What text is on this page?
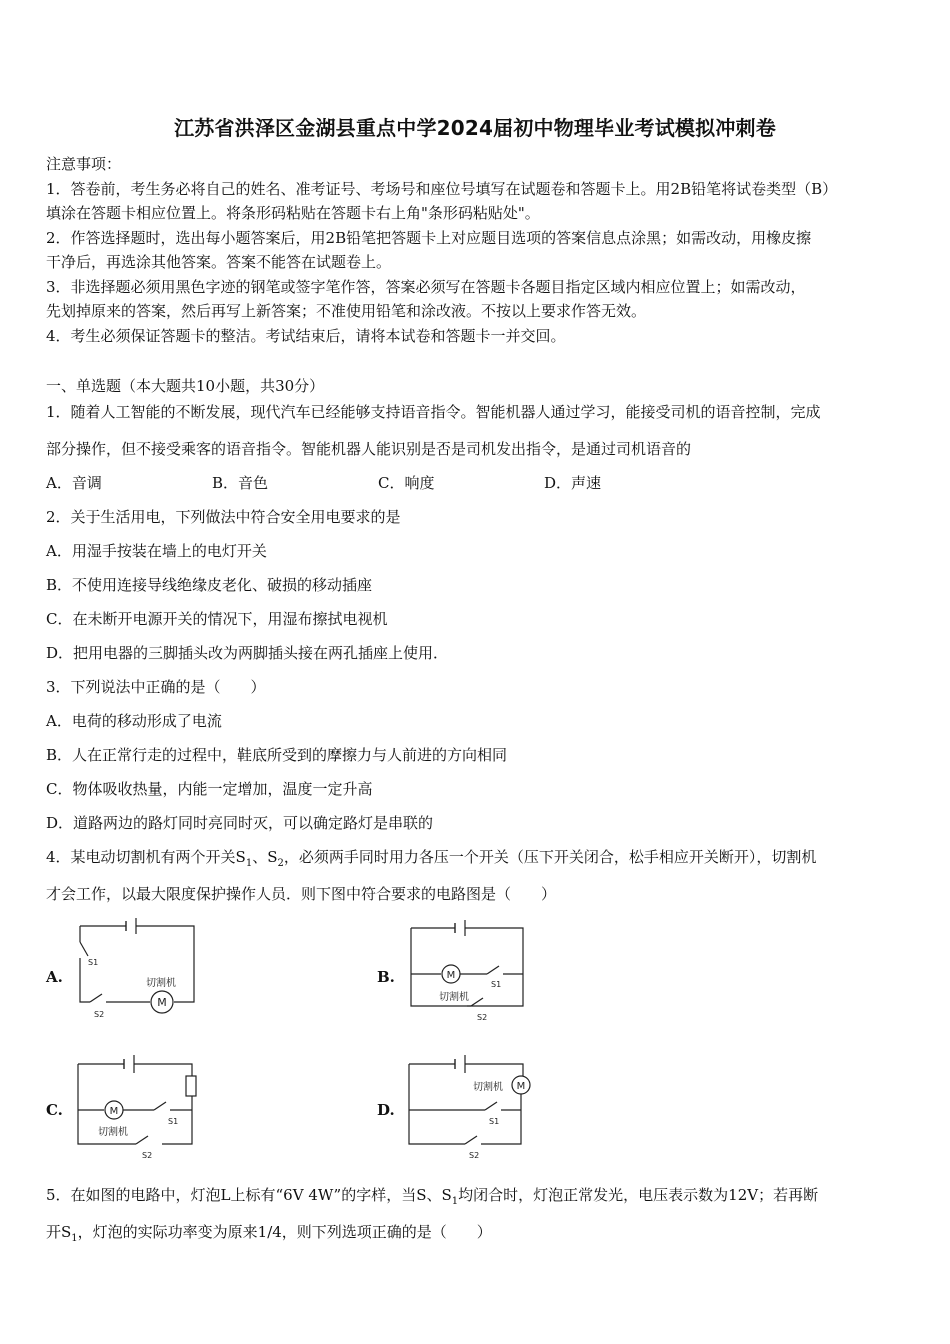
江苏省洪泽区金湖县重点中学2024届初中物理毕业考试模拟冲刺卷
注意事项：
1．答卷前，考生务必将自己的姓名、准考证号、考场号和座位号填写在试题卷和答题卡上。用2B铅笔将试卷类型（B）
填涂在答题卡相应位置上。将条形码粘贴在答题卡右上角"条形码粘贴处"。
2．作答选择题时，选出每小题答案后，用2B铅笔把答题卡上对应题目选项的答案信息点涂黑；如需改动，用橡皮擦
干净后，再选涂其他答案。答案不能答在试题卷上。
3．非选择题必须用黑色字迹的钢笔或签字笔作答，答案必须写在答题卡各题目指定区域内相应位置上；如需改动，
先划掉原来的答案，然后再写上新答案；不准使用铅笔和涂改液。不按以上要求作答无效。
4．考生必须保证答题卡的整洁。考试结束后，请将本试卷和答题卡一并交回。
一、单选题（本大题共10小题，共30分）
1．随着人工智能的不断发展，现代汽车已经能够支持语音指令。智能机器人通过学习，能接受司机的语音控制，完成
部分操作，但不接受乘客的语音指令。智能机器人能识别是否是司机发出指令，是通过司机语音的
A．音调	B．音色	C．响度	D．声速
2．关于生活用电，下列做法中符合安全用电要求的是
A．用湿手按装在墙上的电灯开关
B．不使用连接导线绝缘皮老化、破损的移动插座
C．在未断开电源开关的情况下，用湿布擦拭电视机
D．把用电器的三脚插头改为两脚插头接在两孔插座上使用．
3．下列说法中正确的是（　　）
A．电荷的移动形成了电流
B．人在正常行走的过程中，鞋底所受到的摩擦力与人前进的方向相同
C．物体吸收热量，内能一定增加，温度一定升高
D．道路两边的路灯同时亮同时灭，可以确定路灯是串联的
4．某电动切割机有两个开关$S_1$、$S_2$，必须两手同时用力各压一个开关（压下开关闭合，松手相应开关断开），切割机
才会工作，以最大限度保护操作人员．则下图中符合要求的电路图是（　　）
A.
M
切割机
S1
S2
B.	M
切割机
S1
S2
C.	M
切割机
S1
S2
D.
M
切割机
S1
S2
5．在如图的电路中，灯泡L上标有“6V 4W”的字样，当S、$S_1$均闭合时，灯泡正常发光，电压表示数为12V；若再断
开$S_1$，灯泡的实际功率变为原来1/4，则下列选项正确的是（　　）
